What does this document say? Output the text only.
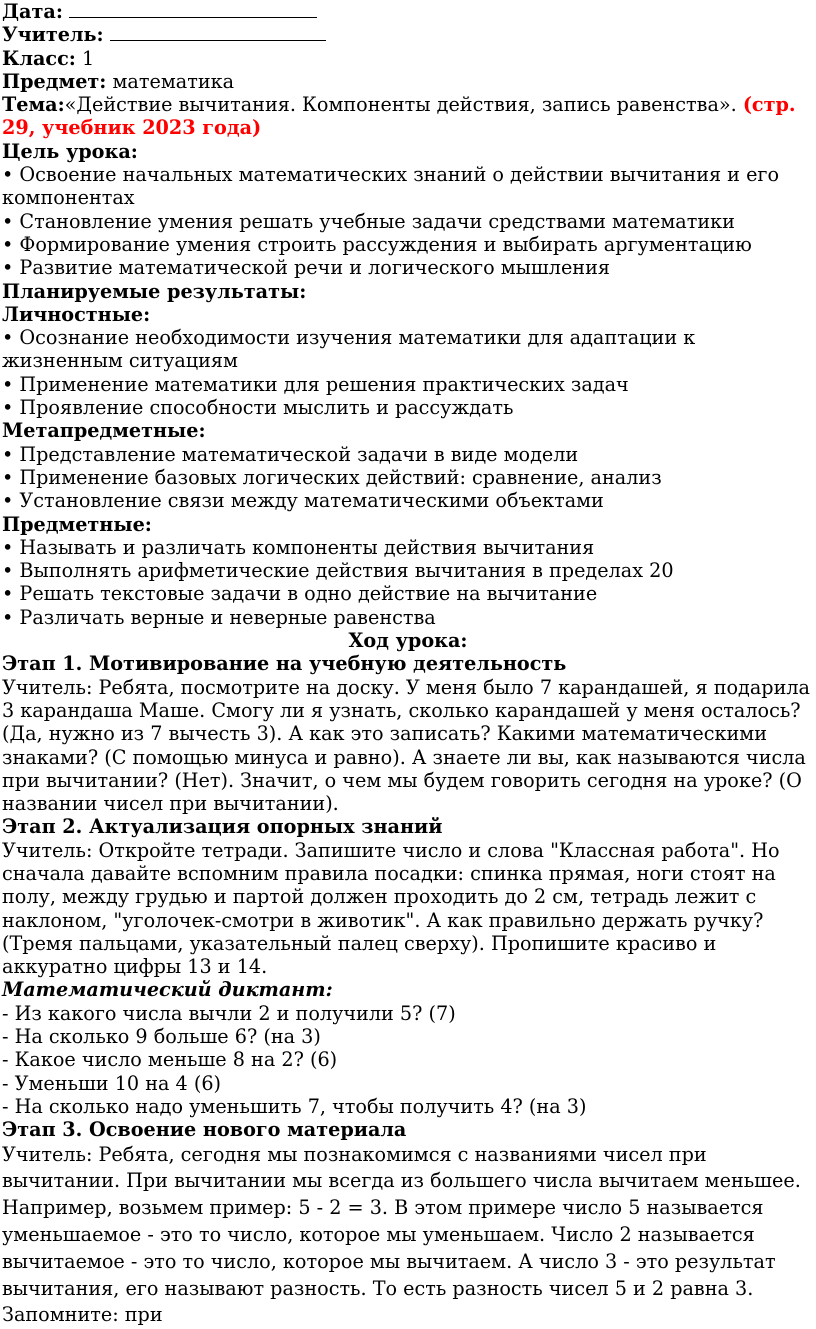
Дата:

Учитель:

Класс: 1

Предмет: математика

Тема:«Действие вычитания. Компоненты действия, запись равенства». (стр. 29, учебник 2023 года)

Цель урока:

• Освоение начальных математических знаний о действии вычитания и его компонентах

• Становление умения решать учебные задачи средствами математики

• Формирование умения строить рассуждения и выбирать аргументацию

• Развитие математической речи и логического мышления

Планируемые результаты:

Личностные:

• Осознание необходимости изучения математики для адаптации к жизненным ситуациям

• Применение математики для решения практических задач

• Проявление способности мыслить и рассуждать

Метапредметные:

• Представление математической задачи в виде модели

• Применение базовых логических действий: сравнение, анализ

• Установление связи между математическими объектами

Предметные:

• Называть и различать компоненты действия вычитания

• Выполнять арифметические действия вычитания в пределах 20

• Решать текстовые задачи в одно действие на вычитание

• Различать верные и неверные равенства

Ход урока:

Этап 1. Мотивирование на учебную деятельность

Учитель: Ребята, посмотрите на доску. У меня было 7 карандашей, я подарила 3 карандаша Маше. Смогу ли я узнать, сколько карандашей у меня осталось? (Да, нужно из 7 вычесть 3). А как это записать? Какими математическими знаками? (С помощью минуса и равно). А знаете ли вы, как называются числа при вычитании? (Нет). Значит, о чем мы будем говорить сегодня на уроке? (О названии чисел при вычитании).

Этап 2. Актуализация опорных знаний

Учитель: Откройте тетради. Запишите число и слова "Классная работа". Но сначала давайте вспомним правила посадки: спинка прямая, ноги стоят на полу, между грудью и партой должен проходить до 2 см, тетрадь лежит с наклоном, "уголочек-смотри в животик". А как правильно держать ручку? (Тремя пальцами, указательный палец сверху). Пропишите красиво и аккуратно цифры 13 и 14.

Математический диктант:

- Из какого числа вычли 2 и получили 5? (7)

- На сколько 9 больше 6? (на 3)

- Какое число меньше 8 на 2? (6)

- Уменьши 10 на 4 (6)

- На сколько надо уменьшить 7, чтобы получить 4? (на 3)

Этап 3. Освоение нового материала

Учитель: Ребята, сегодня мы познакомимся с названиями чисел при вычитании. При вычитании мы всегда из большего числа вычитаем меньшее. Например, возьмем пример: 5 - 2 = 3. В этом примере число 5 называется уменьшаемое - это то число, которое мы уменьшаем. Число 2 называется вычитаемое - это то число, которое мы вычитаем. А число 3 - это результат вычитания, его называют разность. То есть разность чисел 5 и 2 равна 3. Запомните: при
